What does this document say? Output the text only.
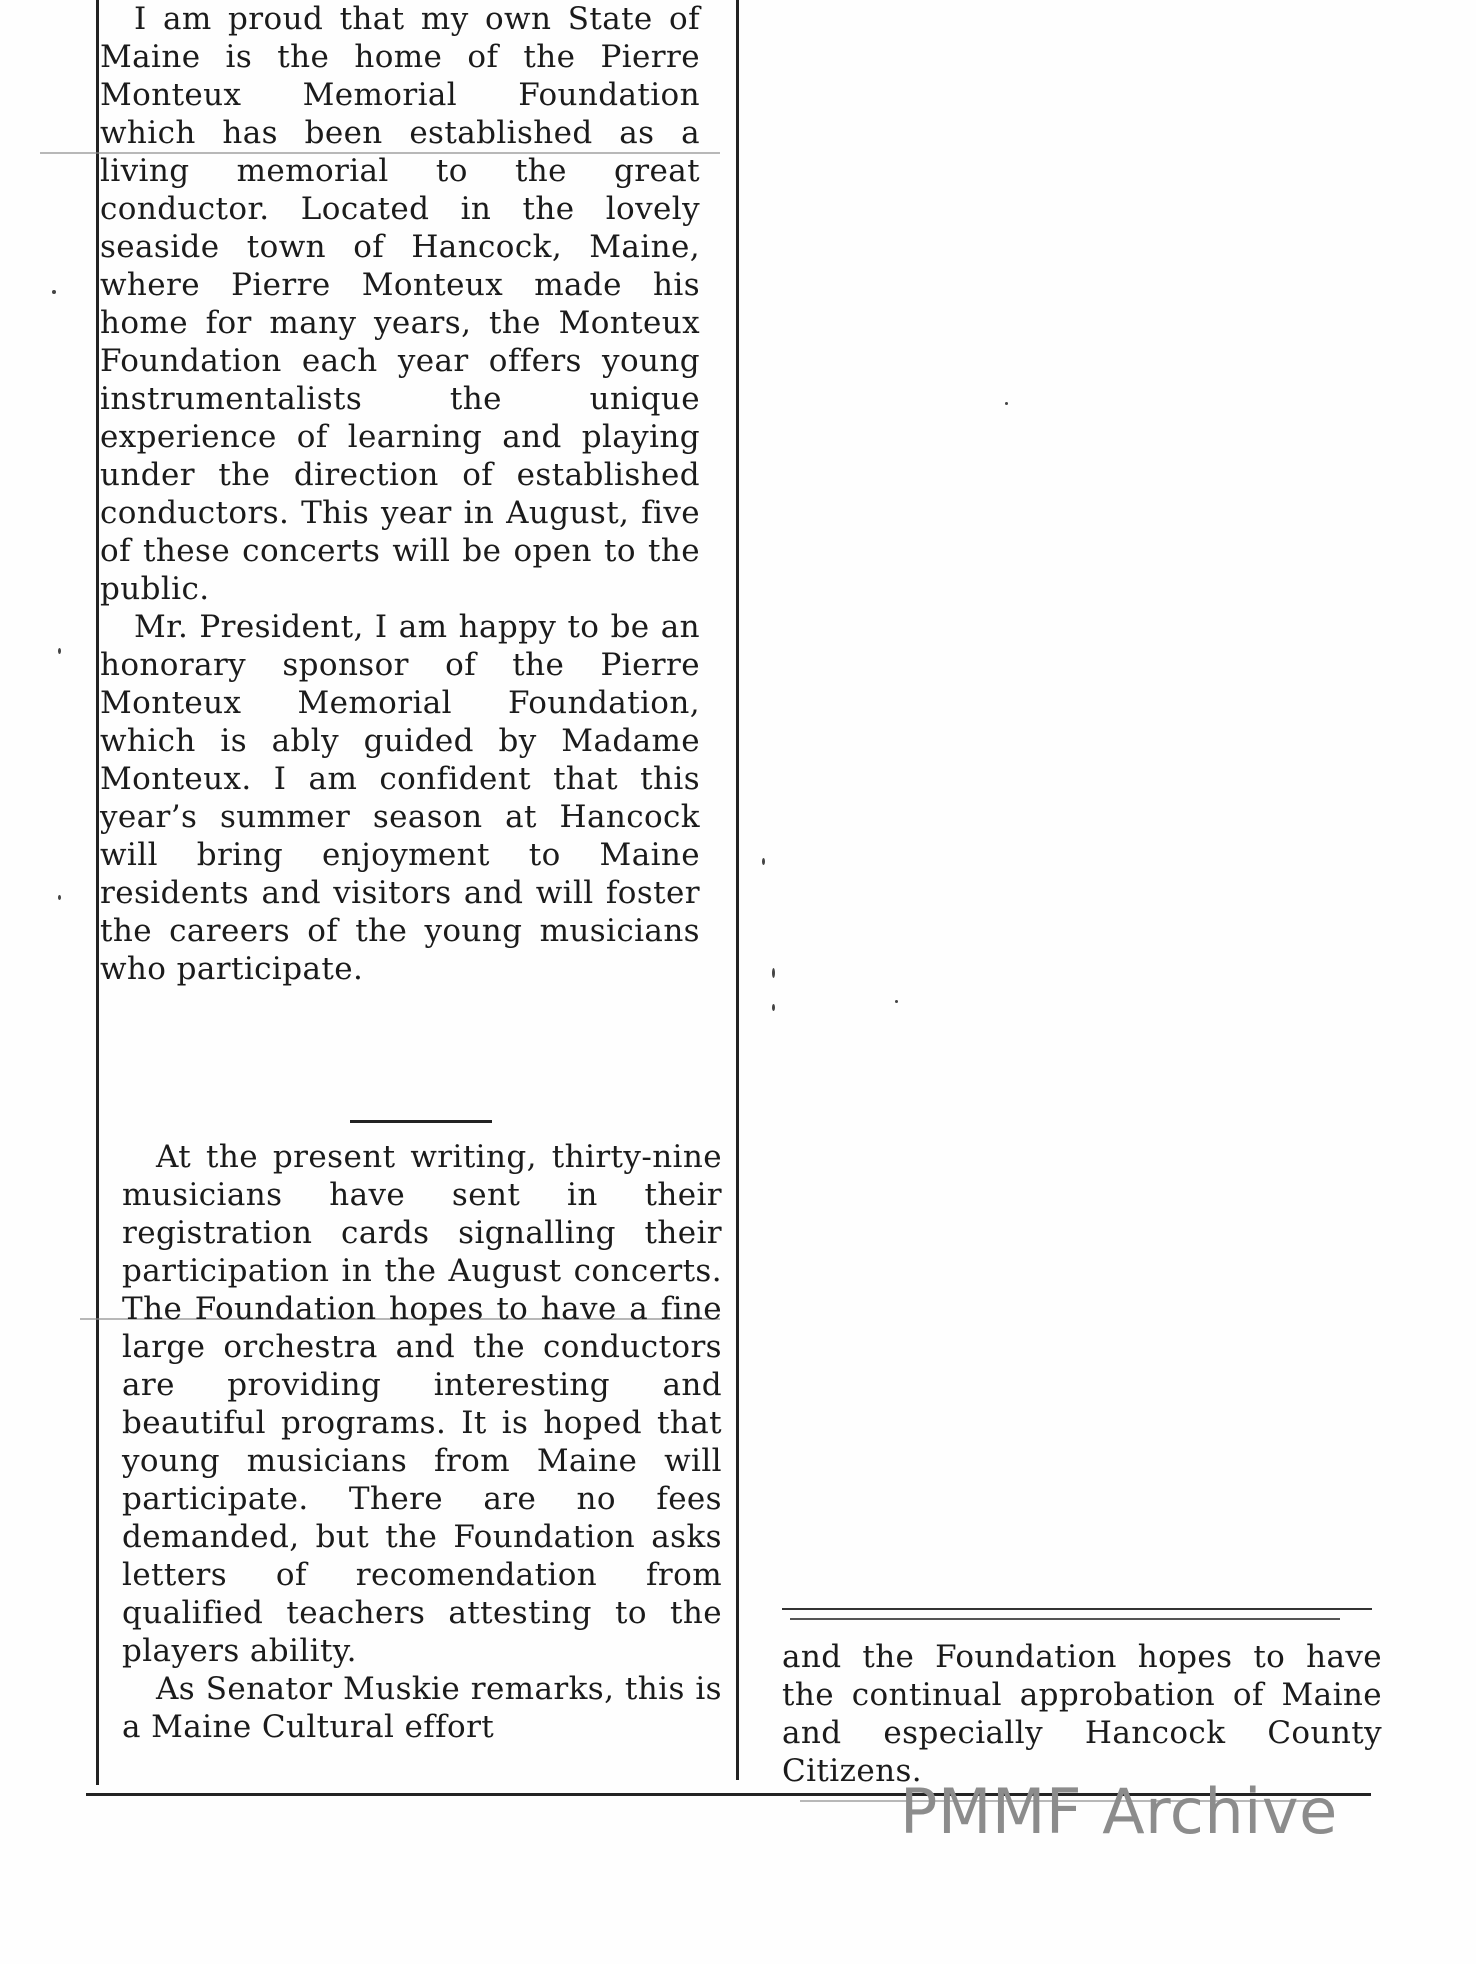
I am proud that my own State of Maine is the home of the Pierre Monteux Memorial Foundation which has been established as a living memorial to the great conductor. Located in the lovely seaside town of Hancock, Maine, where Pierre Monteux made his home for many years, the Monteux Foundation each year offers young instrumentalists the unique experience of learning and playing under the direction of established conductors. This year in August, five of these concerts will be open to the public.

Mr. President, I am happy to be an honorary sponsor of the Pierre Monteux Memorial Foundation, which is ably guided by Madame Monteux. I am confident that this year’s summer season at Hancock will bring enjoyment to Maine residents and visitors and will foster the careers of the young musicians who participate.

At the present writing, thirty-nine musicians have sent in their registration cards signalling their participation in the August concerts. The Foundation hopes to have a fine large orchestra and the conductors are providing interesting and beautiful programs. It is hoped that young musicians from Maine will participate. There are no fees demanded, but the Foundation asks letters of recomendation from qualified teachers attesting to the players ability.

As Senator Muskie remarks, this is a Maine Cultural effort

and the Foundation hopes to have the continual approbation of Maine and especially Hancock County Citizens.

PMMF Archive
